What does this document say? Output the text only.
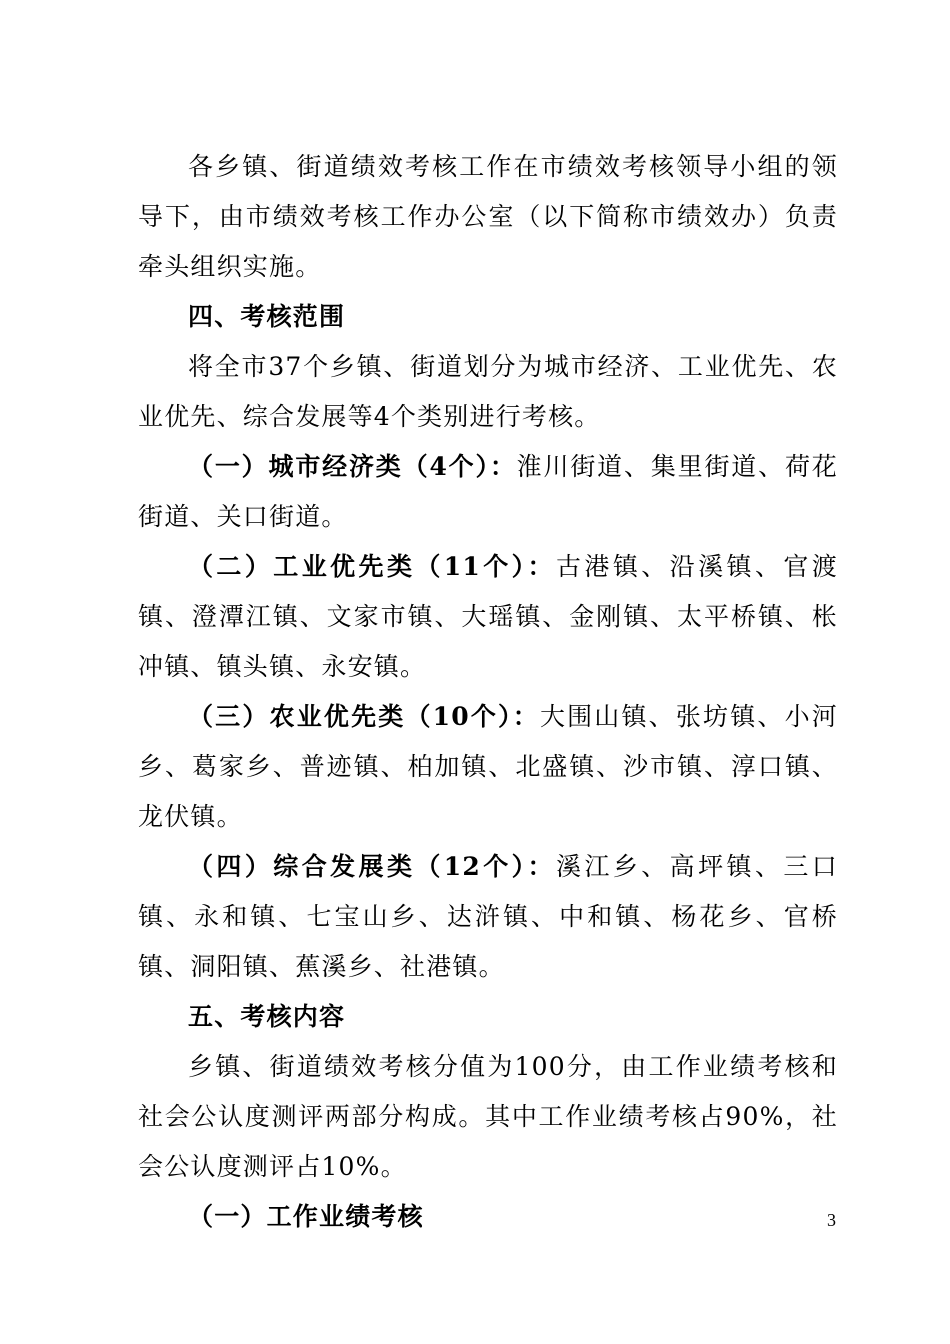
各乡镇、街道绩效考核工作在市绩效考核领导小组的领导下，由市绩效考核工作办公室（以下简称市绩效办）负责牵头组织实施。

四、考核范围

将全市37个乡镇、街道划分为城市经济、工业优先、农业优先、综合发展等4个类别进行考核。

（一）城市经济类（4个）：淮川街道、集里街道、荷花街道、关口街道。

（二）工业优先类（11个）：古港镇、沿溪镇、官渡镇、澄潭江镇、文家市镇、大瑶镇、金刚镇、太平桥镇、枨冲镇、镇头镇、永安镇。

（三）农业优先类（10个）：大围山镇、张坊镇、小河乡、葛家乡、普迹镇、柏加镇、北盛镇、沙市镇、淳口镇、龙伏镇。

（四）综合发展类（12个）：溪江乡、高坪镇、三口镇、永和镇、七宝山乡、达浒镇、中和镇、杨花乡、官桥镇、洞阳镇、蕉溪乡、社港镇。

五、考核内容

乡镇、街道绩效考核分值为100分，由工作业绩考核和社会公认度测评两部分构成。其中工作业绩考核占90%，社会公认度测评占10%。

（一）工作业绩考核	3
